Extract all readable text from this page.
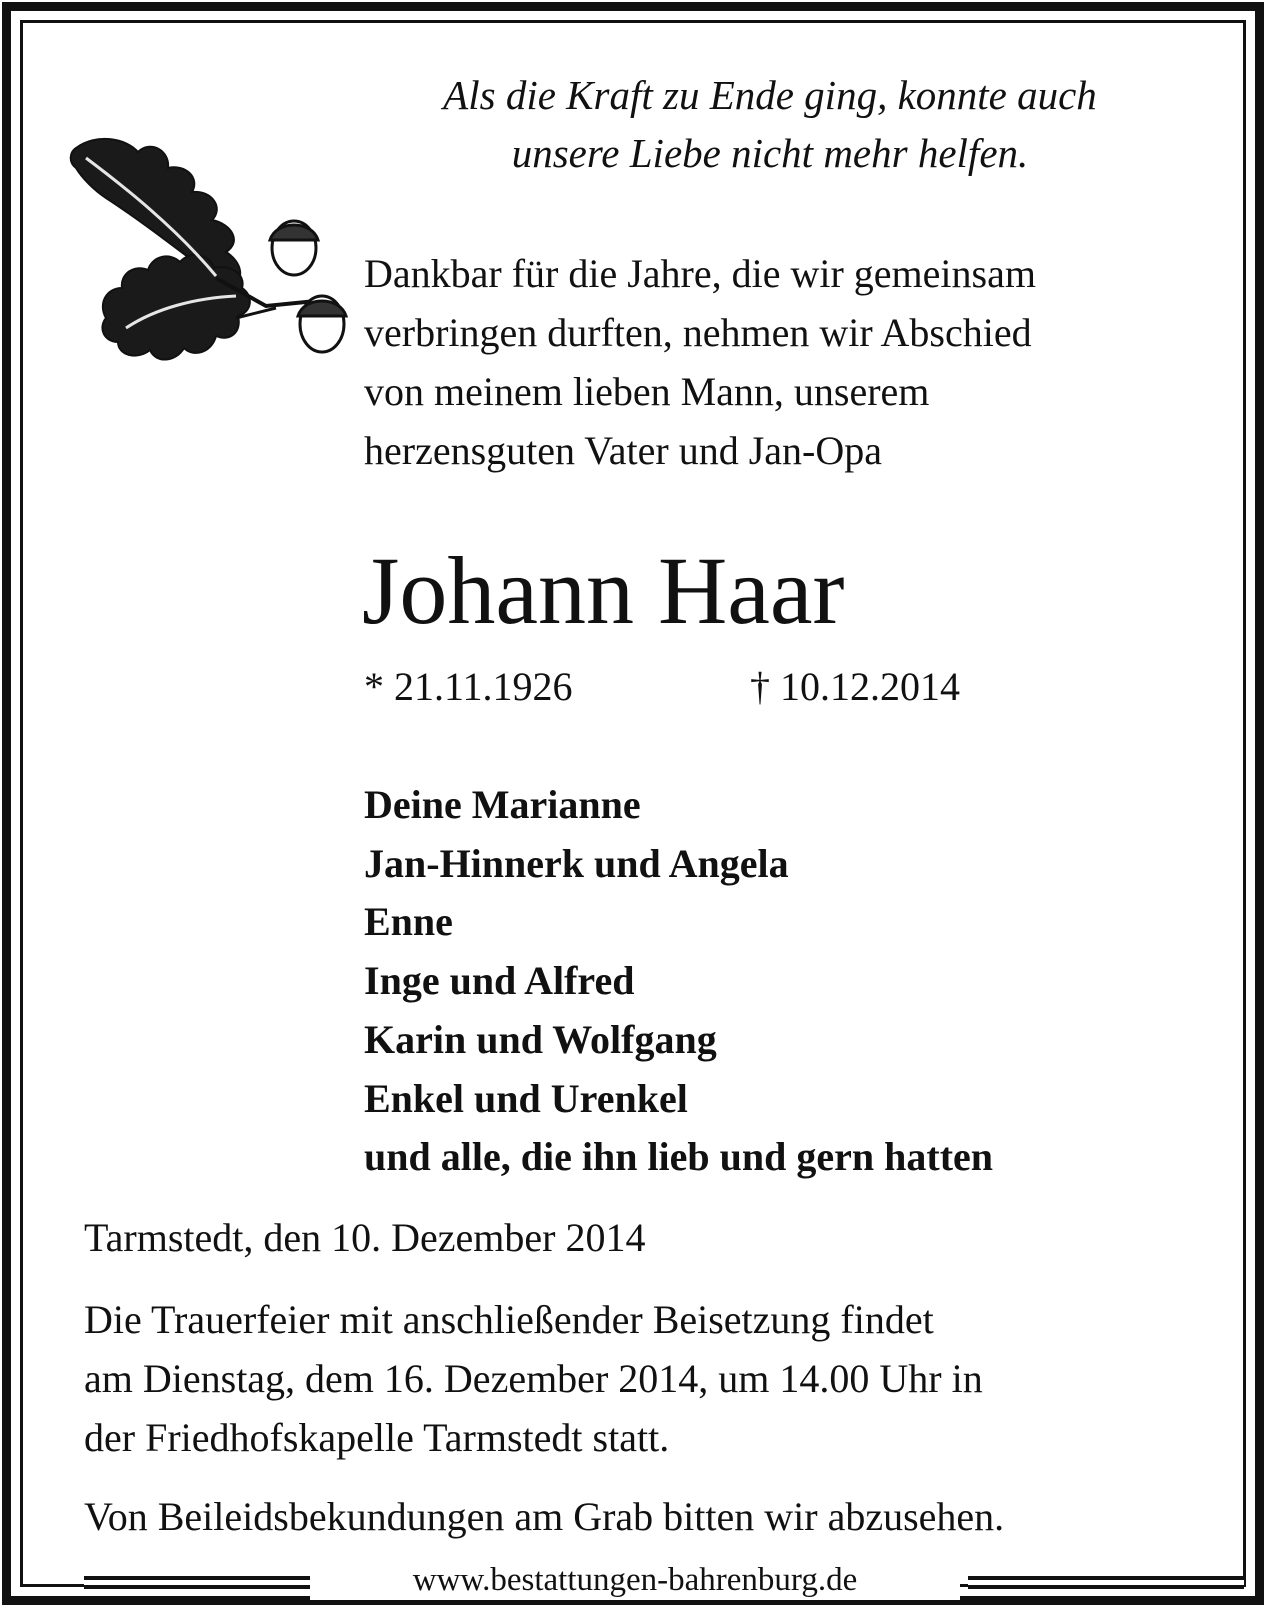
Als die Kraft zu Ende ging, konnte auch
unsere Liebe nicht mehr helfen.
Dankbar für die Jahre, die wir gemeinsam
verbringen durften, nehmen wir Abschied
von meinem lieben Mann, unserem
herzensguten Vater und Jan-Opa
Johann Haar
* 21.11.1926	† 10.12.2014
Deine Marianne
Jan-Hinnerk und Angela
Enne
Inge und Alfred
Karin und Wolfgang
Enkel und Urenkel
und alle, die ihn lieb und gern hatten
Tarmstedt, den 10. Dezember 2014
Die Trauerfeier mit anschließender Beisetzung findet
am Dienstag, dem 16. Dezember 2014, um 14.00 Uhr in
der Friedhofskapelle Tarmstedt statt.
Von Beileidsbekundungen am Grab bitten wir abzusehen.
www.bestattungen-bahrenburg.de
